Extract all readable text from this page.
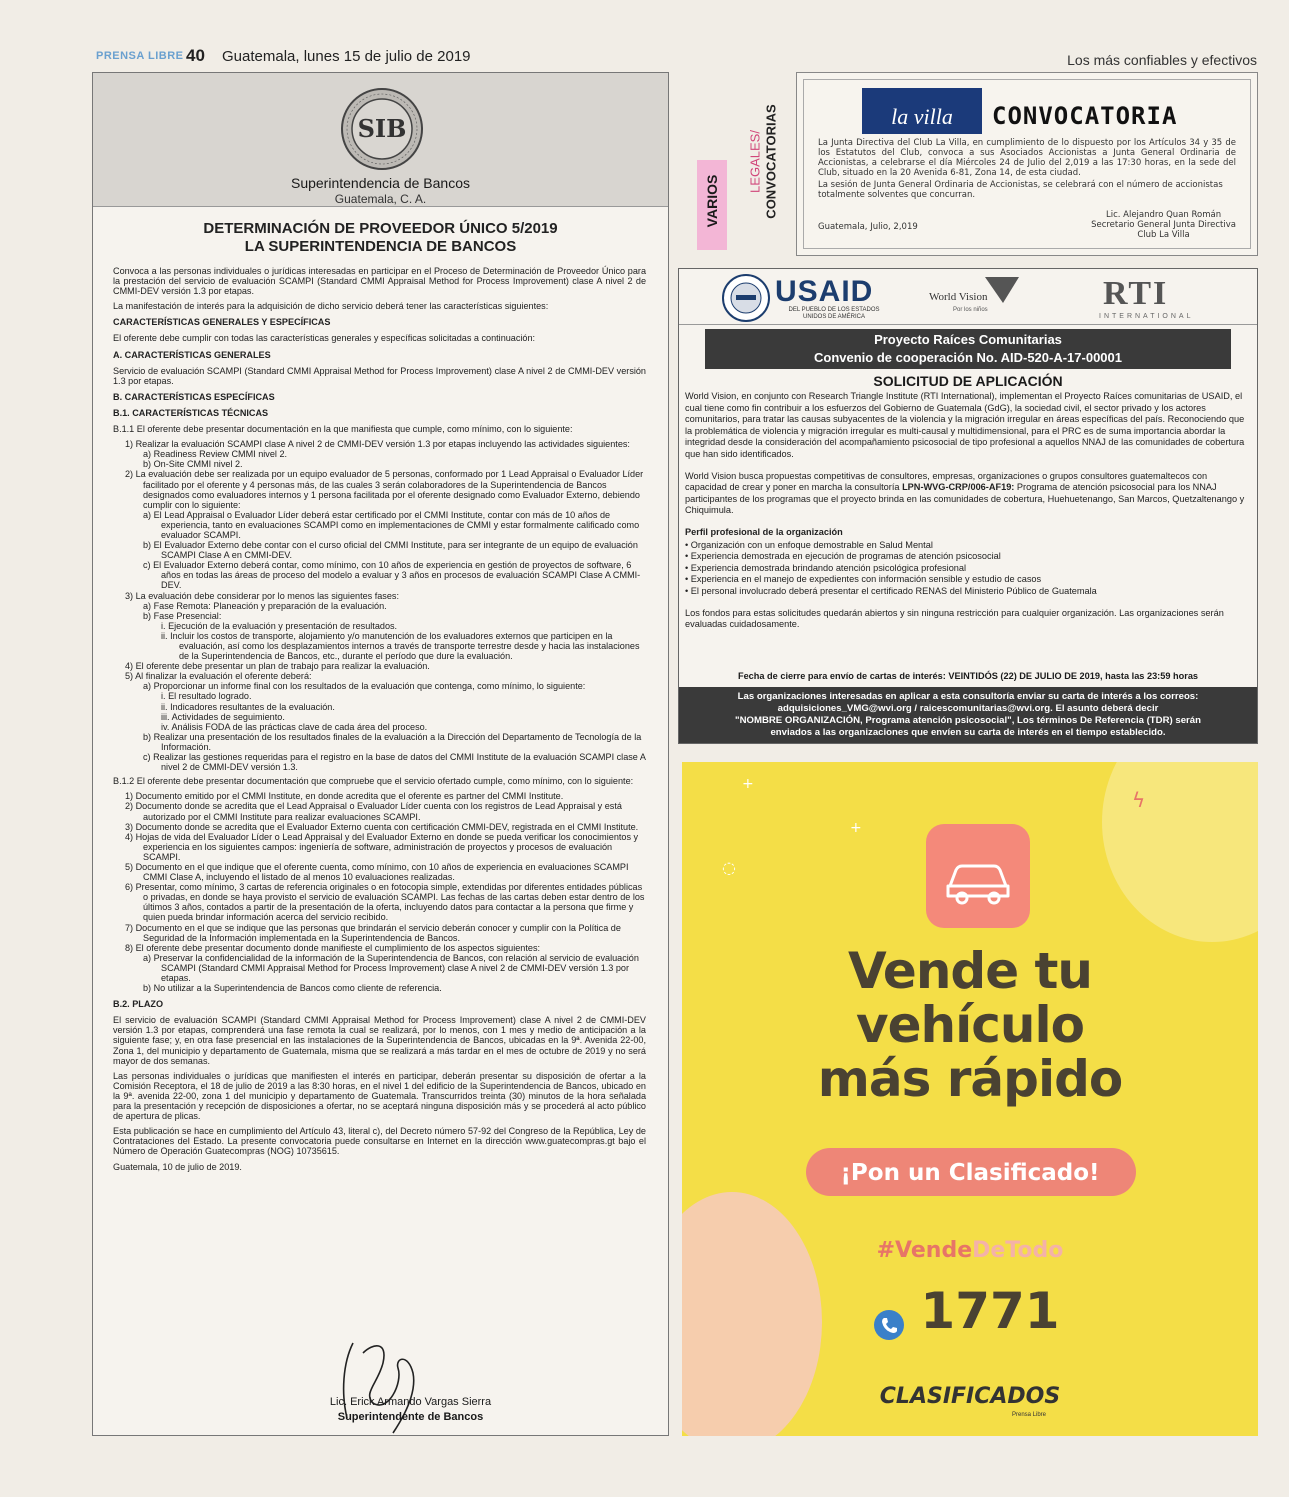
PRENSA LIBRE 40 Guatemala, lunes 15 de julio de 2019	Los más confiables y efectivos
SIB
Superintendencia de Bancos
Guatemala, C. A.
DETERMINACIÓN DE PROVEEDOR ÚNICO 5/2019
LA SUPERINTENDENCIA DE BANCOS

Convoca a las personas individuales o jurídicas interesadas en participar en el Proceso de Determinación de Proveedor Único para la prestación del servicio de evaluación SCAMPI (Standard CMMI Appraisal Method for Process Improvement) clase A nivel 2 de CMMI-DEV versión 1.3 por etapas.

La manifestación de interés para la adquisición de dicho servicio deberá tener las características siguientes:

CARACTERÍSTICAS GENERALES Y ESPECÍFICAS

El oferente debe cumplir con todas las características generales y específicas solicitadas a continuación:

A. CARACTERÍSTICAS GENERALES

Servicio de evaluación SCAMPI (Standard CMMI Appraisal Method for Process Improvement) clase A nivel 2 de CMMI-DEV versión 1.3 por etapas.

B. CARACTERÍSTICAS ESPECÍFICAS

B.1. CARACTERÍSTICAS TÉCNICAS

B.1.1 El oferente debe presentar documentación en la que manifiesta que cumple, como mínimo, con lo siguiente:

1) Realizar la evaluación SCAMPI clase A nivel 2 de CMMI-DEV versión 1.3 por etapas incluyendo las actividades siguientes:
a) Readiness Review CMMI nivel 2.
b) On-Site CMMI nivel 2.
2) La evaluación debe ser realizada por un equipo evaluador de 5 personas, conformado por 1 Lead Appraisal o Evaluador Líder facilitado por el oferente y 4 personas más, de las cuales 3 serán colaboradores de la Superintendencia de Bancos designados como evaluadores internos y 1 persona facilitada por el oferente designado como Evaluador Externo, debiendo cumplir con lo siguiente:
a) El Lead Appraisal o Evaluador Líder deberá estar certificado por el CMMI Institute, contar con más de 10 años de experiencia, tanto en evaluaciones SCAMPI como en implementaciones de CMMI y estar formalmente calificado como evaluador SCAMPI.
b) El Evaluador Externo debe contar con el curso oficial del CMMI Institute, para ser integrante de un equipo de evaluación SCAMPI Clase A en CMMI-DEV.
c) El Evaluador Externo deberá contar, como mínimo, con 10 años de experiencia en gestión de proyectos de software, 6 años en todas las áreas de proceso del modelo a evaluar y 3 años en procesos de evaluación SCAMPI Clase A CMMI-DEV.
3) La evaluación debe considerar por lo menos las siguientes fases:
a) Fase Remota: Planeación y preparación de la evaluación.
b) Fase Presencial:
i. Ejecución de la evaluación y presentación de resultados.
ii. Incluir los costos de transporte, alojamiento y/o manutención de los evaluadores externos que participen en la evaluación, así como los desplazamientos internos a través de transporte terrestre desde y hacia las instalaciones de la Superintendencia de Bancos, etc., durante el período que dure la evaluación.
4) El oferente debe presentar un plan de trabajo para realizar la evaluación.
5) Al finalizar la evaluación el oferente deberá:
a) Proporcionar un informe final con los resultados de la evaluación que contenga, como mínimo, lo siguiente:
i. El resultado logrado.
ii. Indicadores resultantes de la evaluación.
iii. Actividades de seguimiento.
iv. Análisis FODA de las prácticas clave de cada área del proceso.
b) Realizar una presentación de los resultados finales de la evaluación a la Dirección del Departamento de Tecnología de la Información.
c) Realizar las gestiones requeridas para el registro en la base de datos del CMMI Institute de la evaluación SCAMPI clase A nivel 2 de CMMI-DEV versión 1.3.

B.1.2 El oferente debe presentar documentación que compruebe que el servicio ofertado cumple, como mínimo, con lo siguiente:

1) Documento emitido por el CMMI Institute, en donde acredita que el oferente es partner del CMMI Institute.
2) Documento donde se acredita que el Lead Appraisal o Evaluador Líder cuenta con los registros de Lead Appraisal y está autorizado por el CMMI Institute para realizar evaluaciones SCAMPI.
3) Documento donde se acredita que el Evaluador Externo cuenta con certificación CMMI-DEV, registrada en el CMMI Institute.
4) Hojas de vida del Evaluador Líder o Lead Appraisal y del Evaluador Externo en donde se pueda verificar los conocimientos y experiencia en los siguientes campos: ingeniería de software, administración de proyectos y procesos de evaluación SCAMPI.
5) Documento en el que indique que el oferente cuenta, como mínimo, con 10 años de experiencia en evaluaciones SCAMPI CMMI Clase A, incluyendo el listado de al menos 10 evaluaciones realizadas.
6) Presentar, como mínimo, 3 cartas de referencia originales o en fotocopia simple, extendidas por diferentes entidades públicas o privadas, en donde se haya provisto el servicio de evaluación SCAMPI. Las fechas de las cartas deben estar dentro de los últimos 3 años, contados a partir de la presentación de la oferta, incluyendo datos para contactar a la persona que firme y quien pueda brindar información acerca del servicio recibido.
7) Documento en el que se indique que las personas que brindarán el servicio deberán conocer y cumplir con la Política de Seguridad de la Información implementada en la Superintendencia de Bancos.
8) El oferente debe presentar documento donde manifieste el cumplimiento de los aspectos siguientes:
a) Preservar la confidencialidad de la información de la Superintendencia de Bancos, con relación al servicio de evaluación SCAMPI (Standard CMMI Appraisal Method for Process Improvement) clase A nivel 2 de CMMI-DEV versión 1.3 por etapas.
b) No utilizar a la Superintendencia de Bancos como cliente de referencia.

B.2. PLAZO

El servicio de evaluación SCAMPI (Standard CMMI Appraisal Method for Process Improvement) clase A nivel 2 de CMMI-DEV versión 1.3 por etapas, comprenderá una fase remota la cual se realizará, por lo menos, con 1 mes y medio de anticipación a la siguiente fase; y, en otra fase presencial en las instalaciones de la Superintendencia de Bancos, ubicadas en la 9ª. Avenida 22-00, Zona 1, del municipio y departamento de Guatemala, misma que se realizará a más tardar en el mes de octubre de 2019 y no será mayor de dos semanas.

Las personas individuales o jurídicas que manifiesten el interés en participar, deberán presentar su disposición de ofertar a la Comisión Receptora, el 18 de julio de 2019 a las 8:30 horas, en el nivel 1 del edificio de la Superintendencia de Bancos, ubicado en la 9ª. avenida 22-00, zona 1 del municipio y departamento de Guatemala. Transcurridos treinta (30) minutos de la hora señalada para la presentación y recepción de disposiciones a ofertar, no se aceptará ninguna disposición más y se procederá al acto público de apertura de plicas.

Esta publicación se hace en cumplimiento del Artículo 43, literal c), del Decreto número 57-92 del Congreso de la República, Ley de Contrataciones del Estado. La presente convocatoria puede consultarse en Internet en la dirección www.guatecompras.gt bajo el Número de Operación Guatecompras (NOG) 10735615.

Guatemala, 10 de julio de 2019.

Lic. Erick Armando Vargas Sierra
Superintendente de Bancos
VARIOS
LEGALES/ CONVOCATORIAS	la villa	CONVOCATORIA
La Junta Directiva del Club La Villa, en cumplimiento de lo dispuesto por los Artículos 34 y 35 de los Estatutos del Club, convoca a sus Asociados Accionistas a Junta General Ordinaria de Accionistas, a celebrarse el día Miércoles 24 de Julio del 2,019 a las 17:30 horas, en la sede del Club, situado en la 20 Avenida 6-81, Zona 14, de esta ciudad.
La sesión de Junta General Ordinaria de Accionistas, se celebrará con el número de accionistas totalmente solventes que concurran.
Guatemala, Julio, 2,019
Lic. Alejandro Quan Román
Secretario General Junta Directiva
Club La Villa
USAID
DEL PUEBLO DE LOS ESTADOS UNIDOS DE AMÉRICA
World Vision
Por los niños	RTI
INTERNATIONAL
Proyecto Raíces Comunitarias
Convenio de cooperación No. AID-520-A-17-00001
SOLICITUD DE APLICACIÓN

World Vision, en conjunto con Research Triangle Institute (RTI International), implementan el Proyecto Raíces comunitarias de USAID, el cual tiene como fin contribuir a los esfuerzos del Gobierno de Guatemala (GdG), la sociedad civil, el sector privado y los actores comunitarios, para tratar las causas subyacentes de la violencia y la migración irregular en áreas específicas del país. Reconociendo que la problemática de violencia y migración irregular es multi-causal y multidimensional, para el PRC es de suma importancia abordar la integridad desde la consideración del acompañamiento psicosocial de tipo profesional a aquellos NNAJ de las comunidades de cobertura que han sido identificados.

World Vision busca propuestas competitivas de consultores, empresas, organizaciones o grupos consultores guatemaltecos con capacidad de crear y poner en marcha la consultoría LPN-WVG-CRP/006-AF19: Programa de atención psicosocial para los NNAJ participantes de los programas que el proyecto brinda en las comunidades de cobertura, Huehuetenango, San Marcos, Quetzaltenango y Chiquimula.

Perfil profesional de la organización
• Organización con un enfoque demostrable en Salud Mental
• Experiencia demostrada en ejecución de programas de atención psicosocial
• Experiencia demostrada brindando atención psicológica profesional
• Experiencia en el manejo de expedientes con información sensible y estudio de casos
• El personal involucrado deberá presentar el certificado RENAS del Ministerio Público de Guatemala

Los fondos para estas solicitudes quedarán abiertos y sin ninguna restricción para cualquier organización. Las organizaciones serán evaluadas cuidadosamente.

Fecha de cierre para envío de cartas de interés: VEINTIDÓS (22) DE JULIO DE 2019, hasta las 23:59 horas
Las organizaciones interesadas en aplicar a esta consultoría enviar su carta de interés a los correos:
adquisiciones_VMG@wvi.org / raicescomunitarias@wvi.org. El asunto deberá decir
"NOMBRE ORGANIZACIÓN, Programa atención psicosocial", Los términos De Referencia (TDR) serán
enviados a las organizaciones que envíen su carta de interés en el tiempo establecido.
+
+
◌
ϟ
Vende tu
vehículo
más rápido
¡Pon un Clasificado!
#VendeDeTodo
1771
CLASIFICADOS
Prensa Libre
